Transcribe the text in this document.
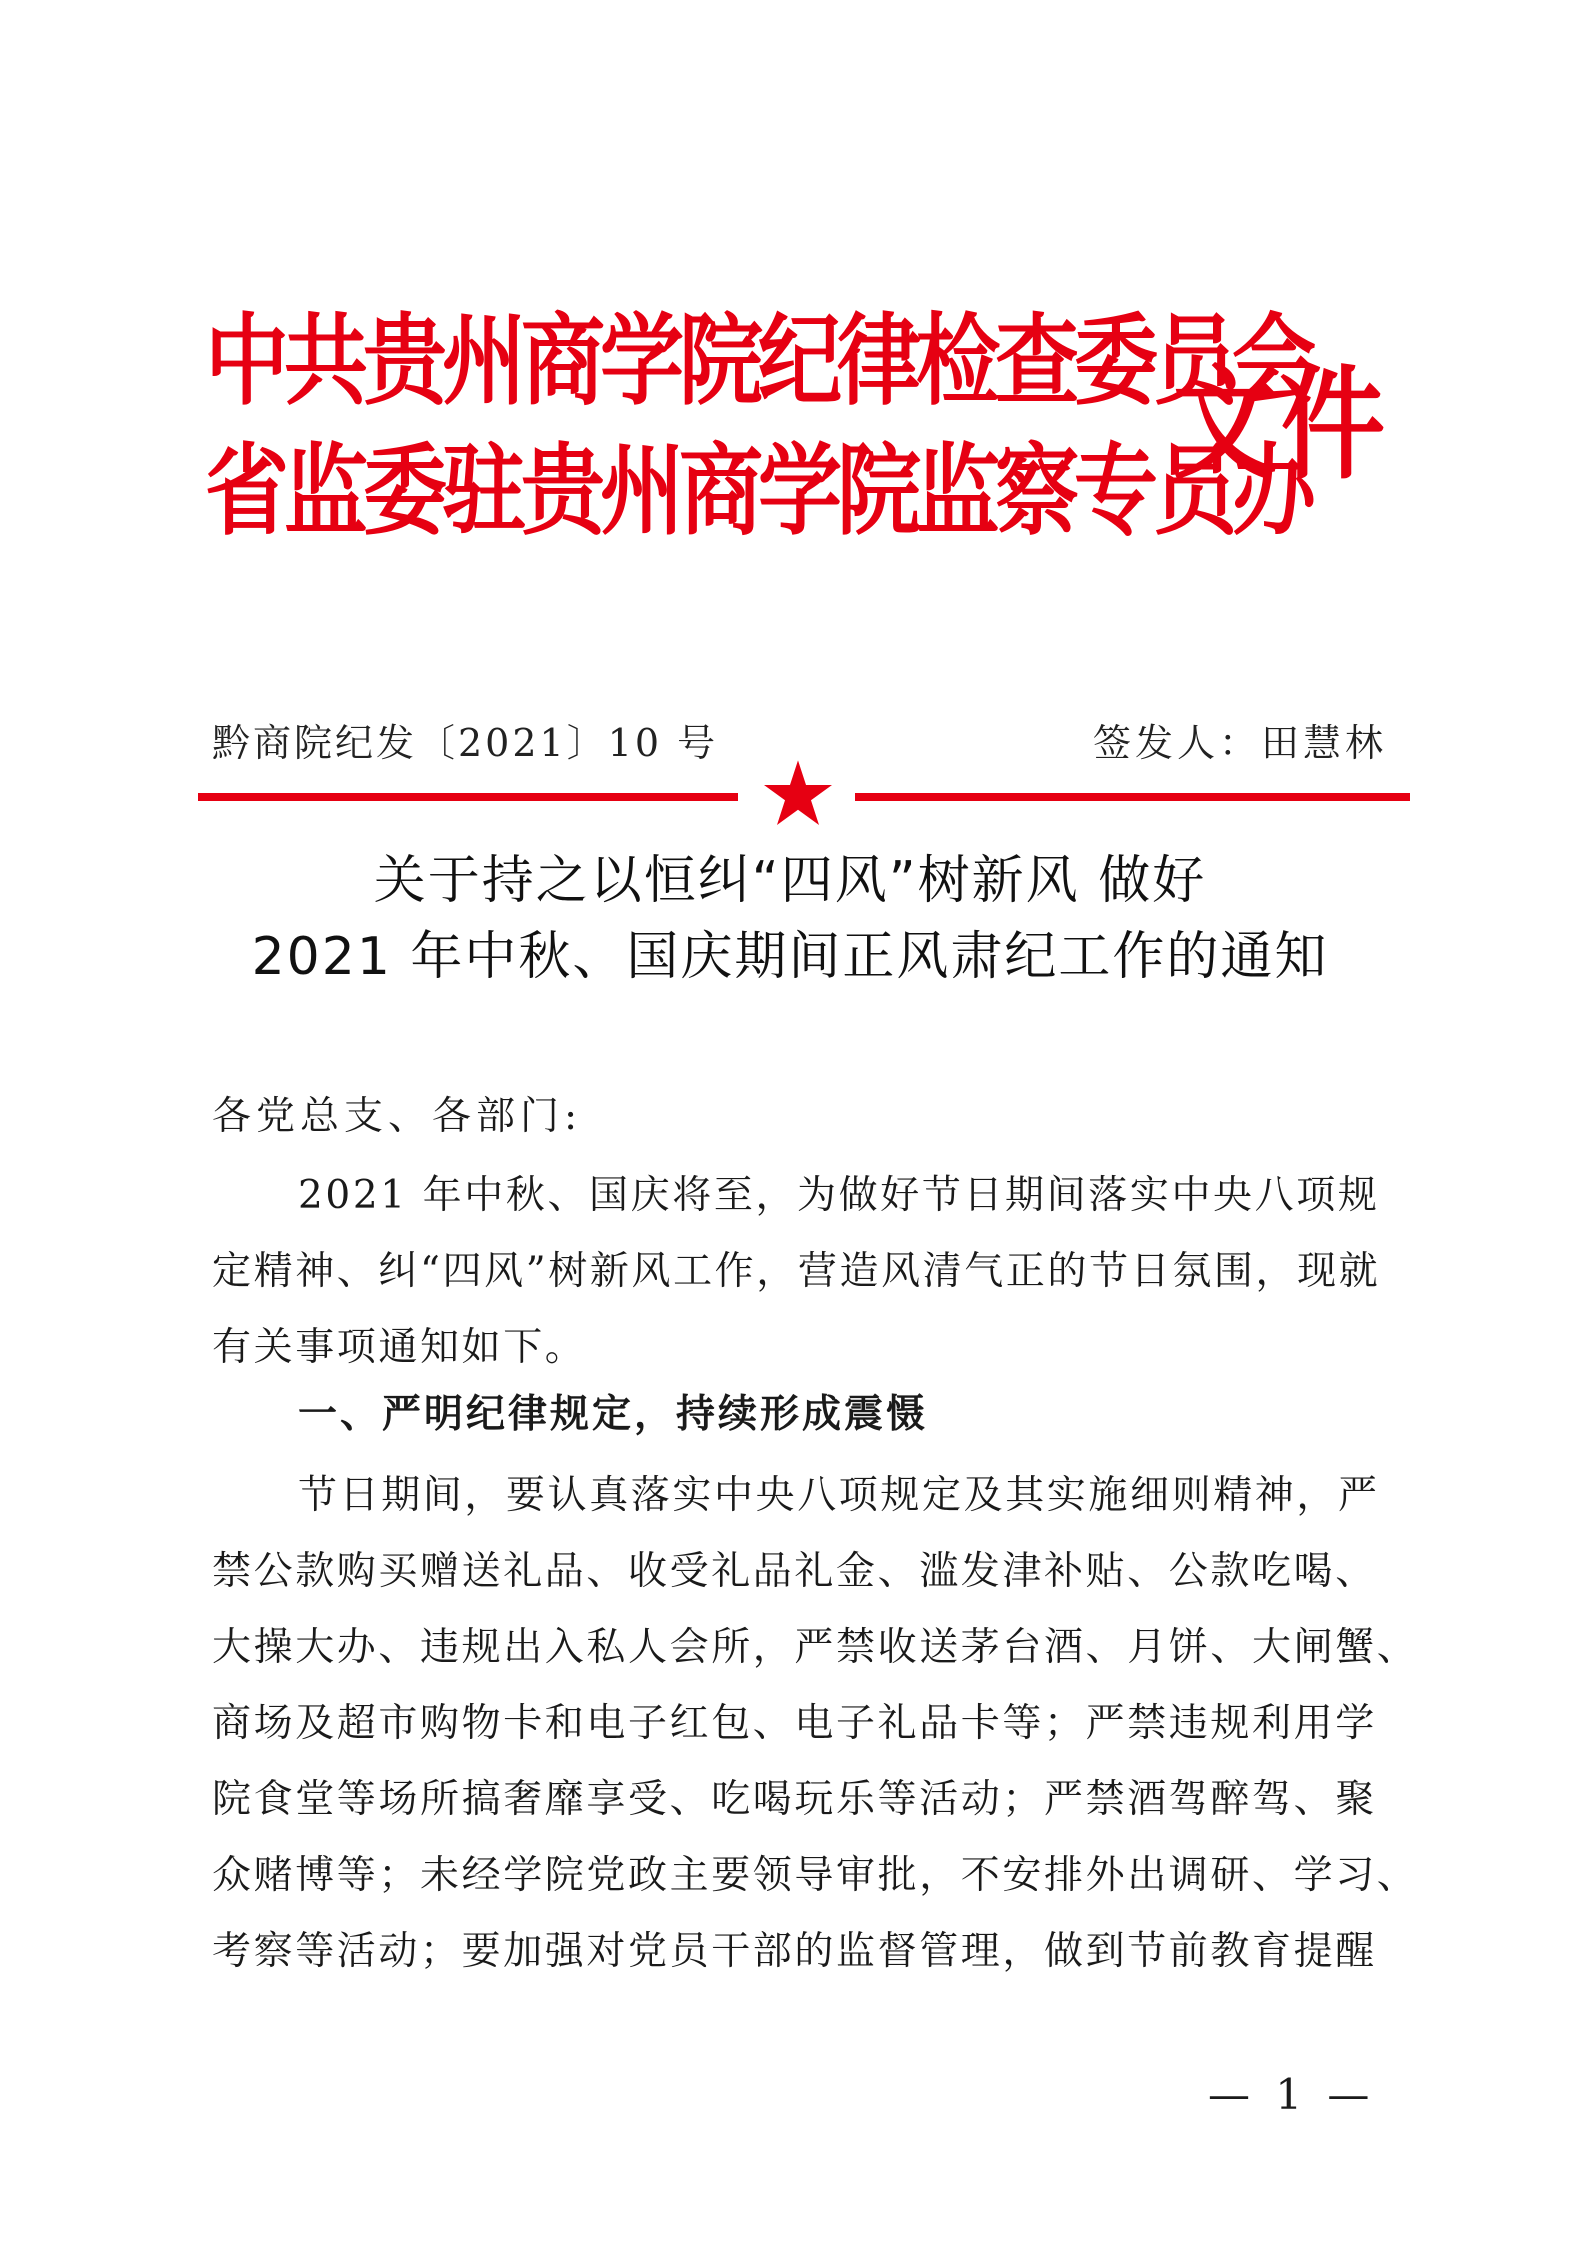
中共贵州商学院纪律检查委员会
省监委驻贵州商学院监察专员办
文件
黔商院纪发〔2021〕10 号	签发人：田慧林
关于持之以恒纠“四风”树新风 做好
2021 年中秋、国庆期间正风肃纪工作的通知
各党总支、各部门:
2021 年中秋、国庆将至，为做好节日期间落实中央八项规
定精神、纠“四风”树新风工作，营造风清气正的节日氛围，现就
有关事项通知如下。
一、严明纪律规定，持续形成震慑
节日期间，要认真落实中央八项规定及其实施细则精神，严
禁公款购买赠送礼品、收受礼品礼金、滥发津补贴、公款吃喝、
大操大办、违规出入私人会所，严禁收送茅台酒、月饼、大闸蟹、
商场及超市购物卡和电子红包、电子礼品卡等；严禁违规利用学
院食堂等场所搞奢靡享受、吃喝玩乐等活动；严禁酒驾醉驾、聚
众赌博等；未经学院党政主要领导审批，不安排外出调研、学习、
考察等活动；要加强对党员干部的监督管理，做到节前教育提醒
— 1 —
